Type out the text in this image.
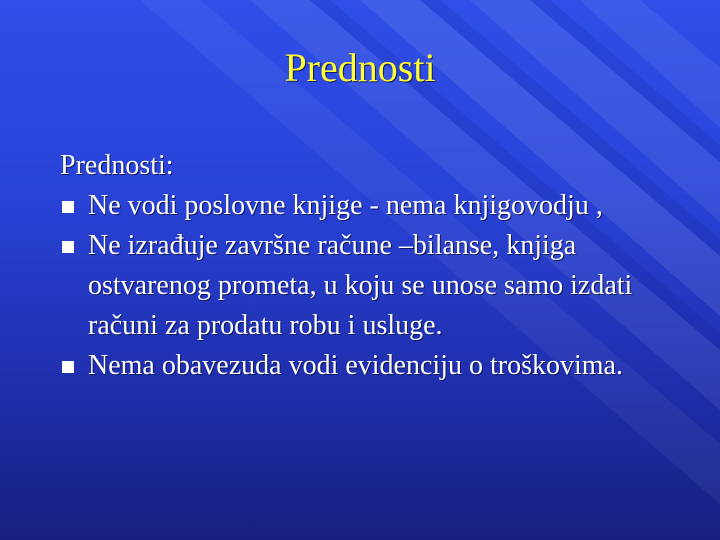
Prednosti

Prednosti:

Ne vodi poslovne knjige - nema knjigovodju ,
Ne izrađuje završne račune –bilanse, knjiga ostvarenog prometa, u koju se unose samo izdati računi za prodatu robu i usluge.
Nema obavezuda vodi evidenciju o troškovima.
